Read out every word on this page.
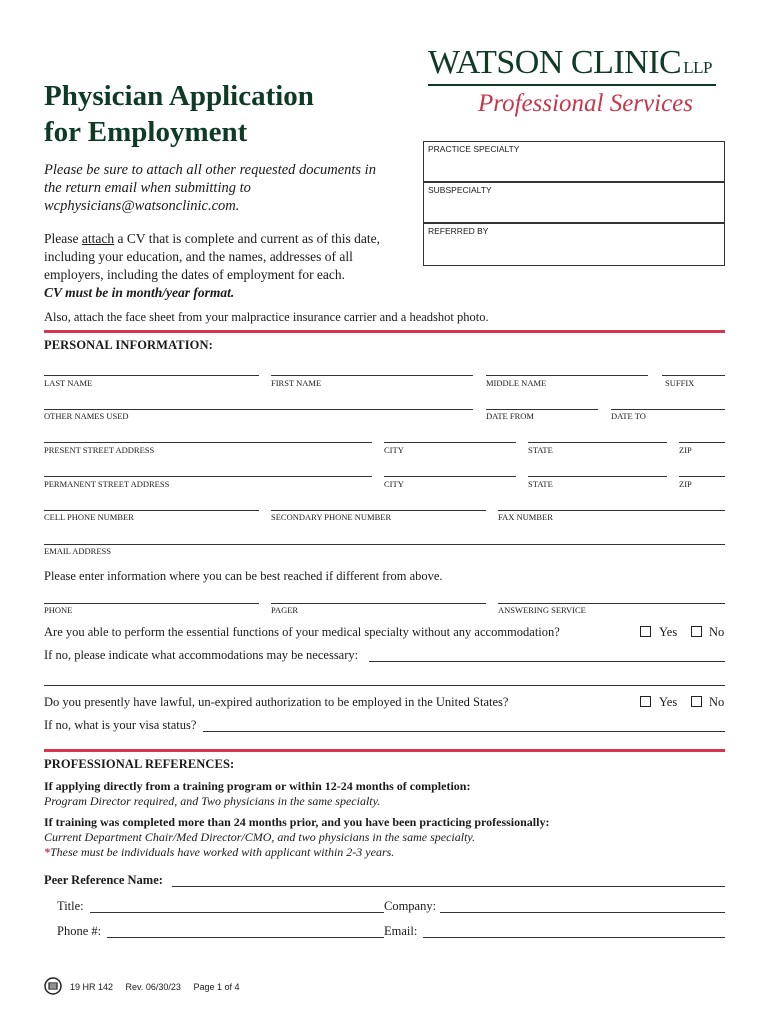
Physician Application
for Employment
WATSON CLINIC LLP
Professional Services
Please be sure to attach all other requested documents in the return email when submitting to wcphysicians@watsonclinic.com.
Please attach a CV that is complete and current as of this date, including your education, and the names, addresses of all employers, including the dates of employment for each.
CV must be in month/year format.
Also, attach the face sheet from your malpractice insurance carrier and a headshot photo.
PRACTICE SPECIALTY
SUBSPECIALTY
REFERRED BY
PERSONAL INFORMATION:
LAST NAME	FIRST NAME	MIDDLE NAME	SUFFIX
OTHER NAMES USED	DATE FROM	DATE TO
PRESENT STREET ADDRESS	CITY	STATE	ZIP
PERMANENT STREET ADDRESS	CITY	STATE	ZIP
CELL PHONE NUMBER	SECONDARY PHONE NUMBER	FAX NUMBER
EMAIL ADDRESS
Please enter information where you can be best reached if different from above.
PHONE	PAGER	ANSWERING SERVICE
Are you able to perform the essential functions of your medical specialty without any accommodation?	Yes	No
If no, please indicate what accommodations may be necessary:
Do you presently have lawful, un-expired authorization to be employed in the United States?	Yes	No
If no, what is your visa status?
PROFESSIONAL REFERENCES:
If applying directly from a training program or within 12-24 months of completion:
Program Director required, and Two physicians in the same specialty.
If training was completed more than 24 months prior, and you have been practicing professionally:
Current Department Chair/Med Director/CMO, and two physicians in the same specialty.
*These must be individuals have worked with applicant within 2-3 years.
Peer Reference Name:
Title:	Company:
Phone #:	Email:
19 HR 142 Rev. 06/30/23 Page 1 of 4
